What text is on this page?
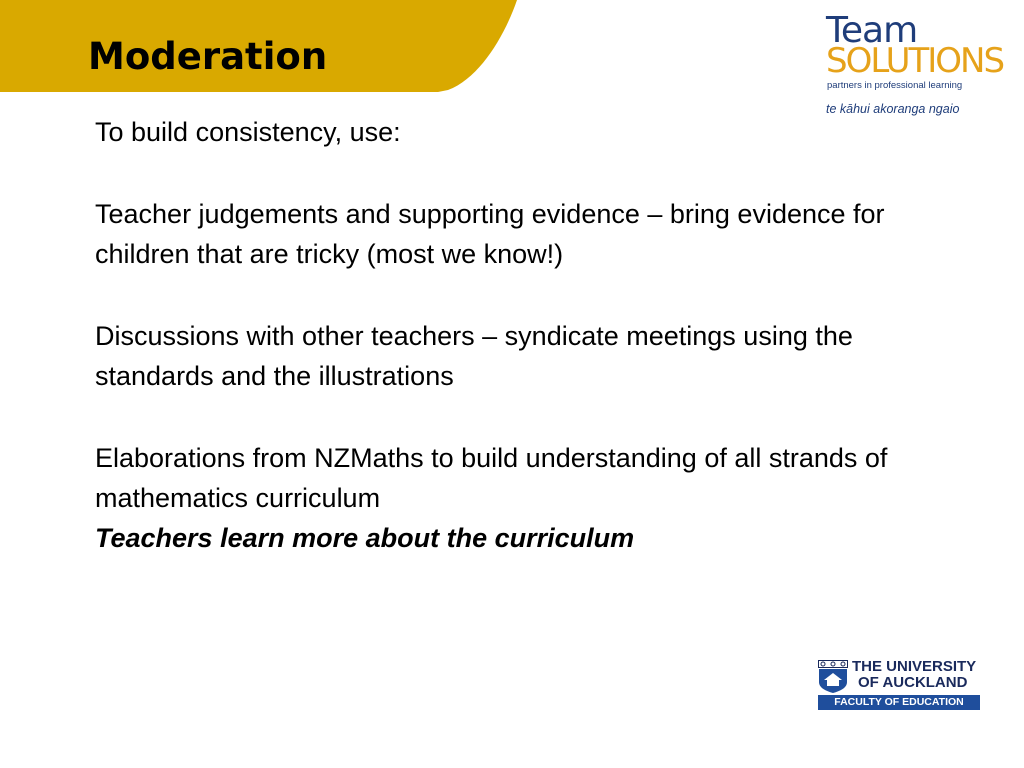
Moderation

To build consistency, use:

Teacher judgements and supporting evidence – bring evidence for children that are tricky (most we know!)

Discussions with other teachers – syndicate meetings using the standards and the illustrations

Elaborations from NZMaths to build understanding of all strands of mathematics curriculum

Teachers learn more about the curriculum

Team
SOLUTIONS
partners in professional learning
te kāhui akoranga ngaio
THE UNIVERSITY
OF AUCKLAND
FACULTY OF EDUCATION
